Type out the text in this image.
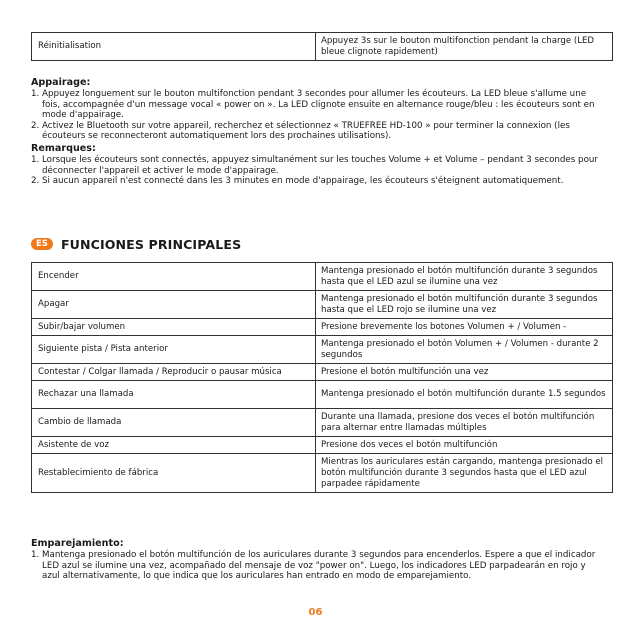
Réinitialisation	Appuyez 3s sur le bouton multifonction pendant la charge (LED bleue clignote rapidement)
Appairage:
1. Appuyez longuement sur le bouton multifonction pendant 3 secondes pour allumer les écouteurs. La LED bleue s'allume une fois, accompagnée d'un message vocal « power on ». La LED clignote ensuite en alternance rouge/bleu : les écouteurs sont en mode d'appairage.
2. Activez le Bluetooth sur votre appareil, recherchez et sélectionnez « TRUEFREE HD-100 » pour terminer la connexion (les écouteurs se reconnecteront automatiquement lors des prochaines utilisations).
Remarques:
1. Lorsque les écouteurs sont connectés, appuyez simultanément sur les touches Volume + et Volume – pendant 3 secondes pour déconnecter l'appareil et activer le mode d'appairage.
2. Si aucun appareil n'est connecté dans les 3 minutes en mode d'appairage, les écouteurs s'éteignent automatiquement.
ES	FUNCIONES PRINCIPALES
Encender	Mantenga presionado el botón multifunción durante 3 segundos hasta que el LED azul se ilumine una vez
Apagar	Mantenga presionado el botón multifunción durante 3 segundos hasta que el LED rojo se ilumine una vez
Subir/bajar volumen	Presione brevemente los botones Volumen + / Volumen -
Siguiente pista / Pista anterior	Mantenga presionado el botón Volumen + / Volumen - durante 2 segundos
Contestar / Colgar llamada / Reproducir o pausar música	Presione el botón multifunción una vez
Rechazar una llamada	Mantenga presionado el botón multifunción durante 1.5 segundos
Cambio de llamada	Durante una llamada, presione dos veces el botón multifunción para alternar entre llamadas múltiples
Asistente de voz	Presione dos veces el botón multifunción
Restablecimiento de fábrica	Mientras los auriculares están cargando, mantenga presionado el botón multifunción durante 3 segundos hasta que el LED azul parpadee rápidamente
Emparejamiento:
1. Mantenga presionado el botón multifunción de los auriculares durante 3 segundos para encenderlos. Espere a que el indicador LED azul se ilumine una vez, acompañado del mensaje de voz "power on". Luego, los indicadores LED parpadearán en rojo y azul alternativamente, lo que indica que los auriculares han entrado en modo de emparejamiento.
06
